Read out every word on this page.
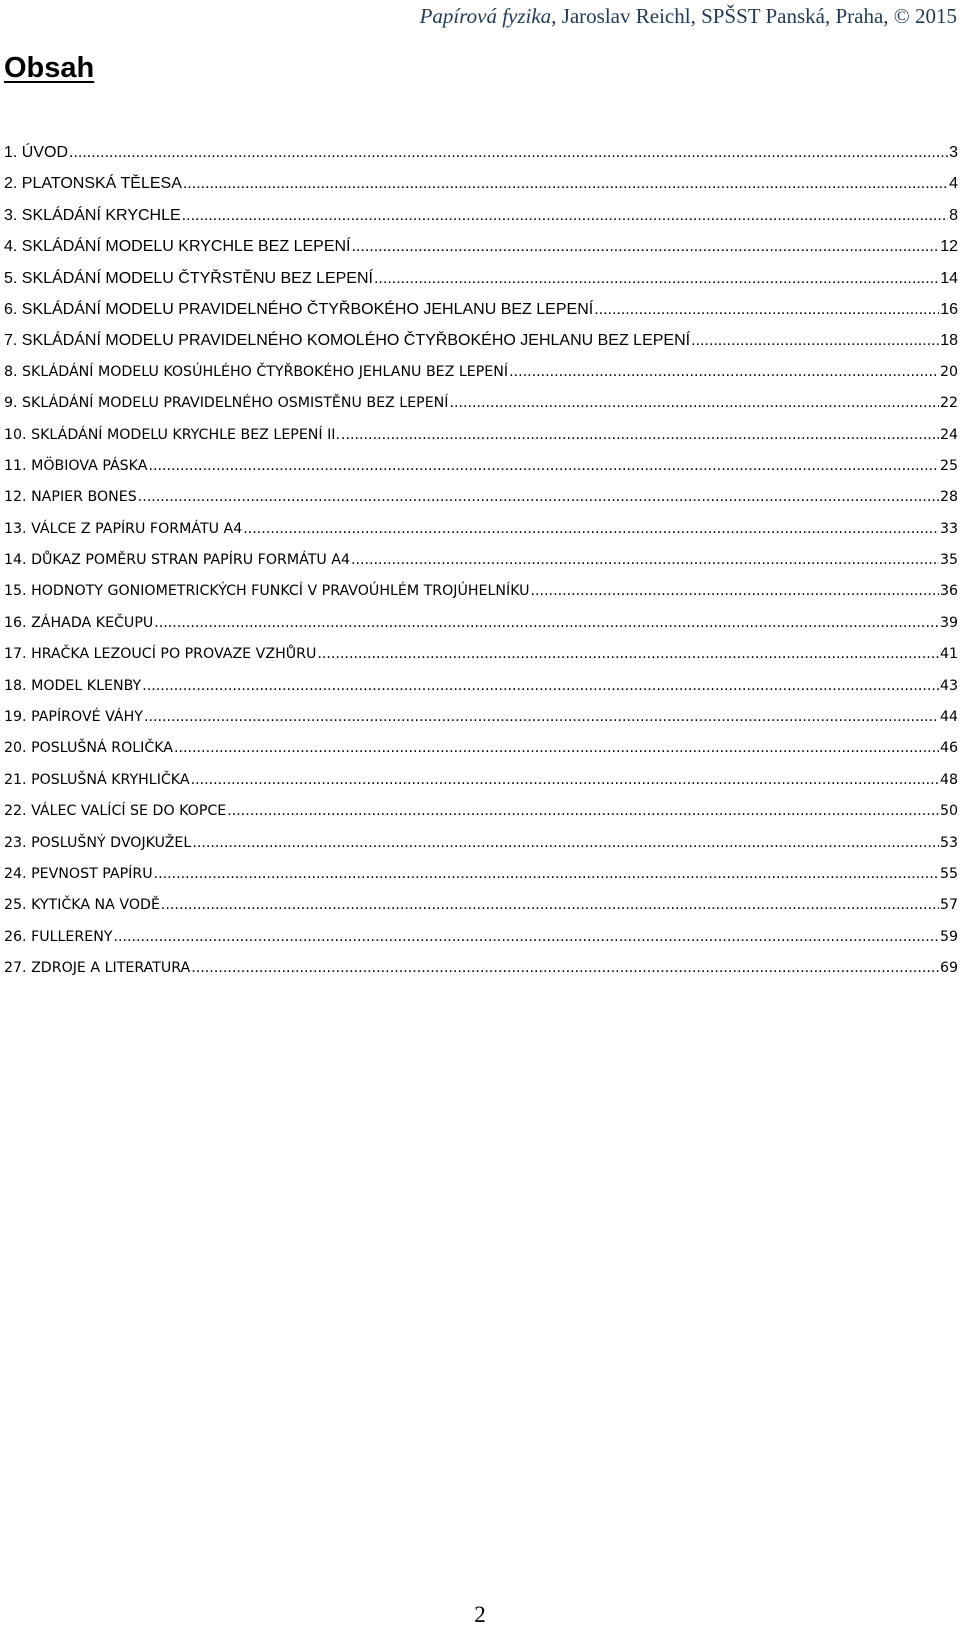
Papírová fyzika, Jaroslav Reichl, SPŠST Panská, Praha, © 2015
Obsah
1. ÚVOD .....	3
2. PLATONSKÁ TĚLESA .....	4
3. SKLÁDÁNÍ KRYCHLE .....	8
4. SKLÁDÁNÍ MODELU KRYCHLE BEZ LEPENÍ .....	12
5. SKLÁDÁNÍ MODELU ČTYŘSTĚNU BEZ LEPENÍ .....	14
6. SKLÁDÁNÍ MODELU PRAVIDELNÉHO ČTYŘBOKÉHO JEHLANU BEZ LEPENÍ .....	16
7. SKLÁDÁNÍ MODELU PRAVIDELNÉHO KOMOLÉHO ČTYŘBOKÉHO JEHLANU BEZ LEPENÍ .....	18
8. SKLÁDÁNÍ MODELU KOSÚHLÉHO ČTYŘBOKÉHO JEHLANU BEZ LEPENÍ .....	20
9. SKLÁDÁNÍ MODELU PRAVIDELNÉHO OSMISTĚNU BEZ LEPENÍ .....	22
10. SKLÁDÁNÍ MODELU KRYCHLE BEZ LEPENÍ II. .....	24
11. MÖBIOVA PÁSKA .....	25
12. NAPIER BONES .....	28
13. VÁLCE Z PAPÍRU FORMÁTU A4 .....	33
14. DŮKAZ POMĚRU STRAN PAPÍRU FORMÁTU A4 .....	35
15. HODNOTY GONIOMETRICKÝCH FUNKCÍ V PRAVOÚHLÉM TROJÚHELNÍKU .....	36
16. ZÁHADA KEČUPU .....	39
17. HRAČKA LEZOUCÍ PO PROVAZE VZHŮRU .....	41
18. MODEL KLENBY .....	43
19. PAPÍROVÉ VÁHY .....	44
20. POSLUŠNÁ ROLIČKA .....	46
21. POSLUŠNÁ KRYHLIČKA .....	48
22. VÁLEC VALÍCÍ SE DO KOPCE .....	50
23. POSLUŠNÝ DVOJKUŽEL .....	53
24. PEVNOST PAPÍRU .....	55
25. KYTIČKA NA VODĚ .....	57
26. FULLERENY .....	59
27. ZDROJE A LITERATURA .....	69
2
